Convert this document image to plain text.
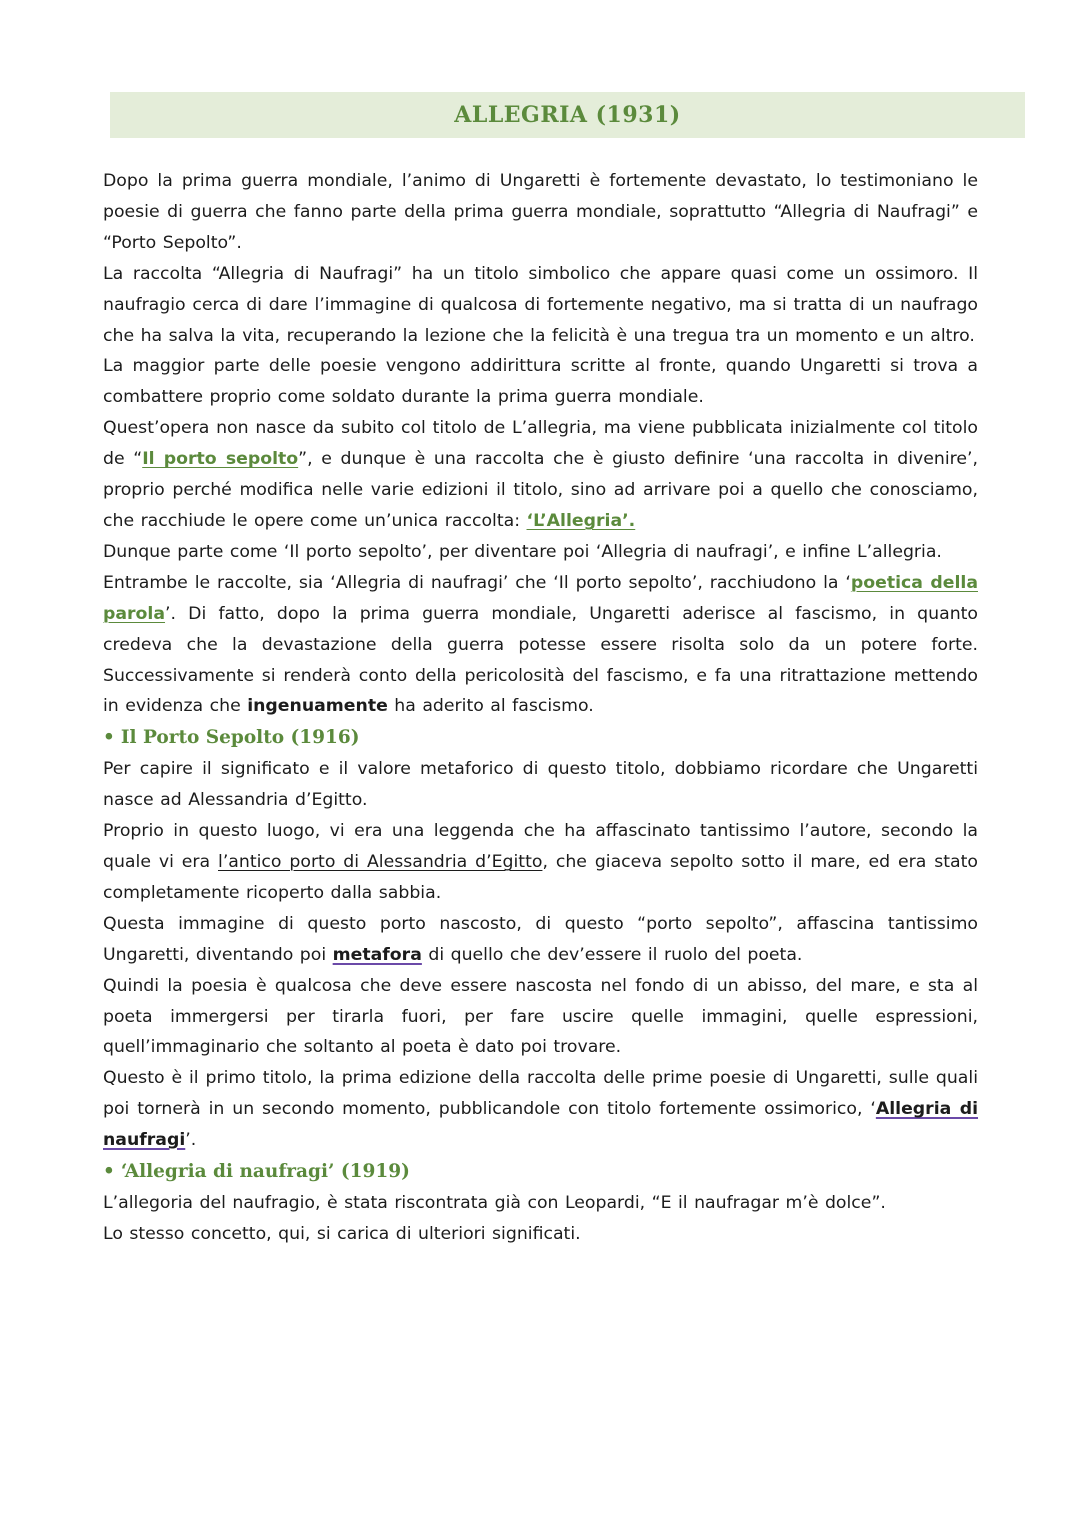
ALLEGRIA (1931)

Dopo la prima guerra mondiale, l’animo di Ungaretti è fortemente devastato, lo testimoniano le poesie di guerra che fanno parte della prima guerra mondiale, soprattutto “Allegria di Naufragi” e “Porto Sepolto”.

La raccolta “Allegria di Naufragi” ha un titolo simbolico che appare quasi come un ossimoro. Il naufragio cerca di dare l’immagine di qualcosa di fortemente negativo, ma si tratta di un naufrago che ha salva la vita, recuperando la lezione che la felicità è una tregua tra un momento e un altro.

La maggior parte delle poesie vengono addirittura scritte al fronte, quando Ungaretti si trova a combattere proprio come soldato durante la prima guerra mondiale.

Quest’opera non nasce da subito col titolo de L’allegria, ma viene pubblicata inizialmente col titolo de “Il porto sepolto”, e dunque è una raccolta che è giusto definire ‘una raccolta in divenire’, proprio perché modifica nelle varie edizioni il titolo, sino ad arrivare poi a quello che conosciamo, che racchiude le opere come un’unica raccolta: ‘L’Allegria’.

Dunque parte come ‘Il porto sepolto’, per diventare poi ‘Allegria di naufragi’, e infine L’allegria.

Entrambe le raccolte, sia ‘Allegria di naufragi’ che ‘Il porto sepolto’, racchiudono la ‘poetica della parola’. Di fatto, dopo la prima guerra mondiale, Ungaretti aderisce al fascismo, in quanto credeva che la devastazione della guerra potesse essere risolta solo da un potere forte. Successivamente si renderà conto della pericolosità del fascismo, e fa una ritrattazione mettendo in evidenza che ingenuamente ha aderito al fascismo.

• Il Porto Sepolto (1916)

Per capire il significato e il valore metaforico di questo titolo, dobbiamo ricordare che Ungaretti nasce ad Alessandria d’Egitto.

Proprio in questo luogo, vi era una leggenda che ha affascinato tantissimo l’autore, secondo la quale vi era l’antico porto di Alessandria d’Egitto, che giaceva sepolto sotto il mare, ed era stato completamente ricoperto dalla sabbia.

Questa immagine di questo porto nascosto, di questo “porto sepolto”, affascina tantissimo Ungaretti, diventando poi metafora di quello che dev’essere il ruolo del poeta.

Quindi la poesia è qualcosa che deve essere nascosta nel fondo di un abisso, del mare, e sta al poeta immergersi per tirarla fuori, per fare uscire quelle immagini, quelle espressioni, quell’immaginario che soltanto al poeta è dato poi trovare.

Questo è il primo titolo, la prima edizione della raccolta delle prime poesie di Ungaretti, sulle quali poi tornerà in un secondo momento, pubblicandole con titolo fortemente ossimorico, ‘Allegria di naufragi’.

• ‘Allegria di naufragi’ (1919)

L’allegoria del naufragio, è stata riscontrata già con Leopardi, “E il naufragar m’è dolce”.

Lo stesso concetto, qui, si carica di ulteriori significati.
